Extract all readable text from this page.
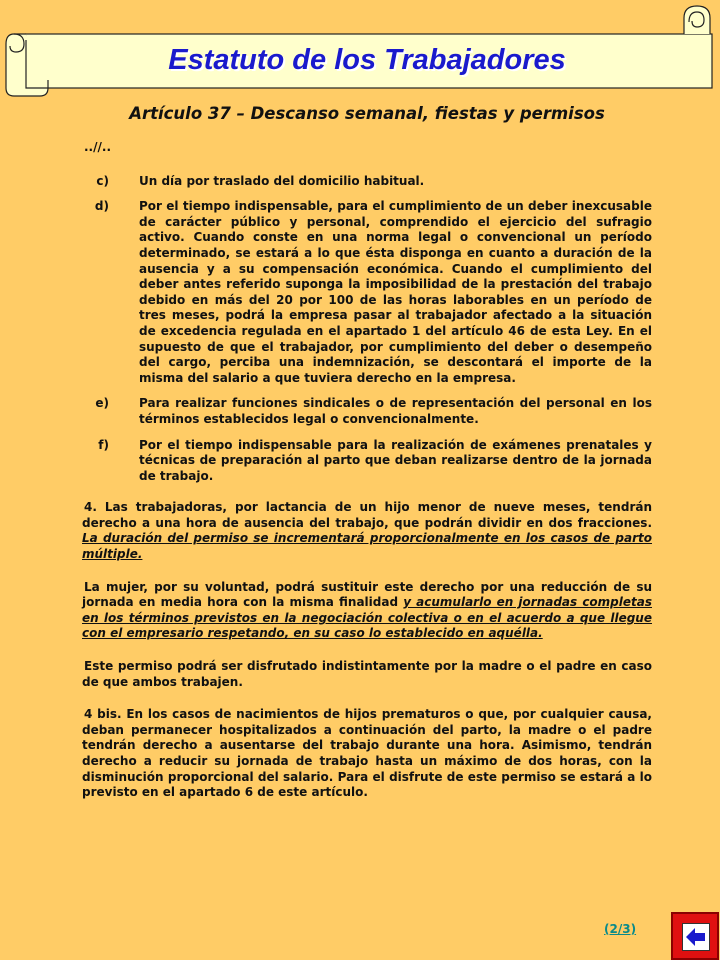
Estatuto de los Trabajadores
Artículo 37 – Descanso semanal, fiestas y permisos
..//..
c)	Un día por traslado del domicilio habitual.
d)	Por el tiempo indispensable, para el cumplimiento de un deber inexcusable de carácter público y personal, comprendido el ejercicio del sufragio activo. Cuando conste en una norma legal o convencional un período determinado, se estará a lo que ésta disponga en cuanto a duración de la ausencia y a su compensación económica. Cuando el cumplimiento del deber antes referido suponga la imposibilidad de la prestación del trabajo debido en más del 20 por 100 de las horas laborables en un período de tres meses, podrá la empresa pasar al trabajador afectado a la situación de excedencia regulada en el apartado 1 del artículo 46 de esta Ley. En el supuesto de que el trabajador, por cumplimiento del deber o desempeño del cargo, perciba una indemnización, se descontará el importe de la misma del salario a que tuviera derecho en la empresa.
e)	Para realizar funciones sindicales o de representación del personal en los términos establecidos legal o convencionalmente.
f)	Por el tiempo indispensable para la realización de exámenes prenatales y técnicas de preparación al parto que deban realizarse dentro de la jornada de trabajo.

4. Las trabajadoras, por lactancia de un hijo menor de nueve meses, tendrán derecho a una hora de ausencia del trabajo, que podrán dividir en dos fracciones. La duración del permiso se incrementará proporcionalmente en los casos de parto múltiple.

La mujer, por su voluntad, podrá sustituir este derecho por una reducción de su jornada en media hora con la misma finalidad y acumularlo en jornadas completas en los términos previstos en la negociación colectiva o en el acuerdo a que llegue con el empresario respetando, en su caso lo establecido en aquélla.

Este permiso podrá ser disfrutado indistintamente por la madre o el padre en caso de que ambos trabajen.

4 bis. En los casos de nacimientos de hijos prematuros o que, por cualquier causa, deban permanecer hospitalizados a continuación del parto, la madre o el padre tendrán derecho a ausentarse del trabajo durante una hora. Asimismo, tendrán derecho a reducir su jornada de trabajo hasta un máximo de dos horas, con la disminución proporcional del salario. Para el disfrute de este permiso se estará a lo previsto en el apartado 6 de este artículo.

(2/3)
